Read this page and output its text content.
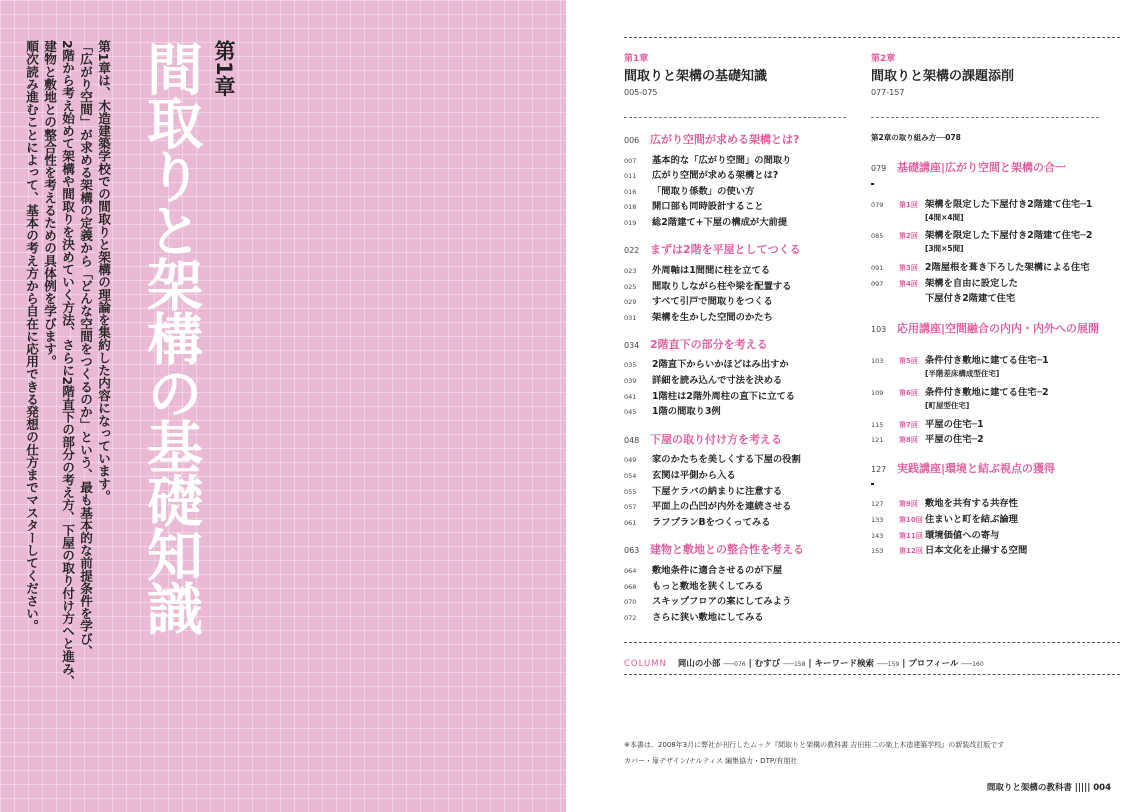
第1章
間取りと架構の基礎知識
第1章は、木造建築学校での間取りと架構の理論を集約した内容になっています。
「広がり空間」が求める架構の定義から「どんな空間をつくるのか」という、最も基本的な前提条件を学び、
2階から考え始めて架構や間取りを決めていく方法、さらに2階直下の部分の考え方、下屋の取り付け方へと進み、
建物と敷地との整合性を考えるための具体例を学びます。
順次読み進むことによって、基本の考え方から自在に応用できる発想の仕方までマスターしてください。	第1章
間取りと架構の基礎知識
005-075
第2章
間取りと架構の課題添削
077-157
006 広がり空間が求める架構とは?
007 基本的な「広がり空間」の間取り
011 広がり空間が求める架構とは?
016 「間取り係数」の使い方
018 開口部も同時設計すること
019 総2階建て+下屋の構成が大前提
022 まずは2階を平屋としてつくる
023 外周軸は1間間に柱を立てる
025 間取りしながら柱や梁を配置する
029 すべて引戸で間取りをつくる
031 架構を生かした空間のかたち
034 2階直下の部分を考える
035 2階直下からいかほどはみ出すか
039 詳細を読み込んで寸法を決める
041 1階柱は2階外周柱の直下に立てる
045 1階の間取り3例
048 下屋の取り付け方を考える
049 家のかたちを美しくする下屋の役割
054 玄関は平側から入る
055 下屋ケラバの納まりに注意する
057 平面上の凸凹が内外を連続させる
061 ラフプランBをつくってみる
063 建物と敷地との整合性を考える
064 敷地条件に適合させるのが下屋
068 もっと敷地を狭くしてみる
070 スキップフロアの案にしてみよう
072 さらに狭い敷地にしてみる
第2章の取り組み方──078
079 基礎講座|広がり空間と架構の合一
079 第1回 架構を限定した下屋付き2階建て住宅─1
[4間×4間]
085 第2回 架構を限定した下屋付き2階建て住宅─2
[3間×5間]
091 第3回 2階屋根を葺き下ろした架構による住宅
097 第4回 架構を自由に設定した
下屋付き2階建て住宅
103 応用講座|空間融合の内内・内外への展開
103 第5回 条件付き敷地に建てる住宅─1
[半階差床構成型住宅]
109 第6回 条件付き敷地に建てる住宅─2
[町屋型住宅]
115 第7回 平屋の住宅─1
121 第8回 平屋の住宅─2
127 実践講座|環境と結ぶ視点の獲得
127 第9回 敷地を共有する共存性
133 第10回 住まいと町を結ぶ論理
143 第11回 環境価値への寄与
153 第12回 日本文化を止揚する空間
COLUMN 岡山の小部 ───076 | むすび ───158 | キーワード検索 ───159 | プロフィール ───160
※本書は、2008年3月に弊社が刊行したムック『間取りと架構の教科書 吉田桂二の楽上木造建築学校』の新装改訂版です
カバー・扉デザイン/ナルティス 編集協力・DTP/有朋社
間取りと架構の教科書 ||||| 004
